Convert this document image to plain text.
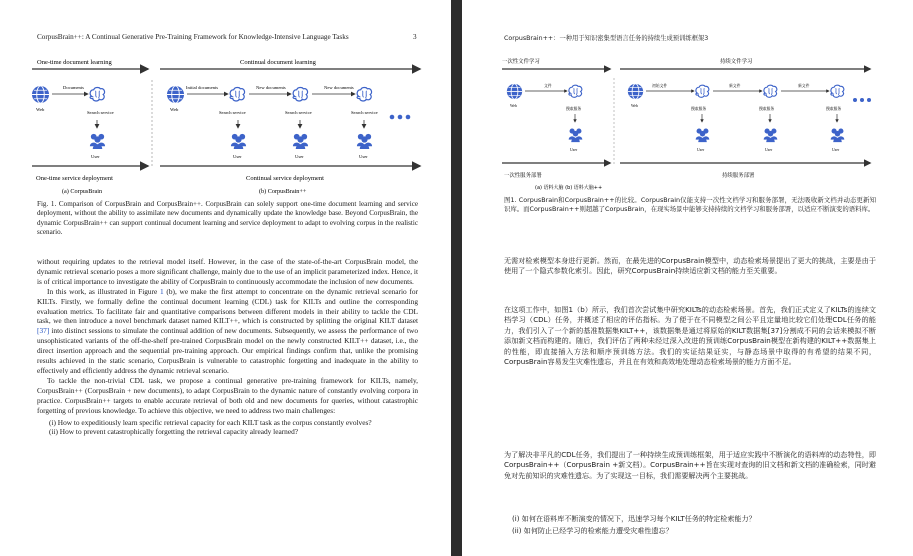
CorpusBrain++: A Continual Generative Pre-Training Framework for Knowledge-Intensive Language Tasks	3
One-time document learning	Continual document learning
Web
Documents
Search service
User
Web
Initial documents
Search service
User
New documents
Search service
User
New documents
Search service
User
One-time service deployment	Continual service deployment
(a) CorpusBrain	(b) CorpusBrain++
Fig. 1. Comparison of CorpusBrain and CorpusBrain++. CorpusBrain can solely support one-time document learning and service deployment, without the ability to assimilate new documents and dynamically update the knowledge base. Beyond CorpusBrain, the dynamic CorpusBrain++ can support continual document learning and service deployment to adapt to evolving corpus in the realistic scenario.

without requiring updates to the retrieval model itself. However, in the case of the state-of-the-art CorpusBrain model, the dynamic retrieval scenario poses a more significant challenge, mainly due to the use of an implicit parameterized index. Hence, it is of critical importance to investigate the ability of CorpusBrain to continuously accommodate the inclusion of new documents.

In this work, as illustrated in Figure 1 (b), we make the first attempt to concentrate on the dynamic retrieval scenario for KILTs. Firstly, we formally define the continual document learning (CDL) task for KILTs and outline the corresponding evaluation metrics. To facilitate fair and quantitative comparisons between different models in their ability to tackle the CDL task, we then introduce a novel benchmark dataset named KILT++, which is constructed by splitting the original KILT dataset [37] into distinct sessions to simulate the continual addition of new documents. Subsequently, we assess the performance of two unsophisticated variants of the off-the-shelf pre-trained CorpusBrain model on the newly constructed KILT++ dataset, i.e., the direct insertion approach and the sequential pre-training approach. Our empirical findings confirm that, unlike the promising results achieved in the static scenario, CorpusBrain is vulnerable to catastrophic forgetting and inadequate in the ability to effectively and efficiently address the dynamic retrieval scenario.

To tackle the non-trivial CDL task, we propose a continual generative pre-training framework for KILTs, namely, CorpusBrain++ (CorpusBrain + new documents), to adapt CorpusBrain to the dynamic nature of constantly evolving corpora in practice. CorpusBrain++ targets to enable accurate retrieval of both old and new documents for queries, without catastrophic forgetting of previous knowledge. To achieve this objective, we need to address two main challenges:

(i) How to expeditiously learn specific retrieval capacity for each KILT task as the corpus constantly evolves?

(ii) How to prevent catastrophically forgetting the retrieval capacity already learned?

CorpusBrain++：一种用于知识密集型语言任务的持续生成预训练框架3
一次性文件学习	持续文件学习
Web
文件
搜索服务
User
Web
初始文件
搜索服务
User
新文件
搜索服务
User
新文件
搜索服务
User
一次性服务部署	持续服务部署
(a) 语料大脑 (b) 语料大脑++
图1. CorpusBrain和CorpusBrain++的比较。CorpusBrain仅能支持一次性文档学习和服务部署，无法吸收新文档并动态更新知识库。而CorpusBrain++则超越了CorpusBrain，在现实场景中能够支持持续的文档学习和服务部署，以适应不断演变的语料库。
无需对检索模型本身进行更新。然而，在最先进的CorpusBrain模型中，动态检索场景提出了更大的挑战，主要是由于使用了一个隐式参数化索引。因此，研究CorpusBrain持续适应新文档的能力至关重要。
在这项工作中，如图1（b）所示，我们首次尝试集中研究KILTs的动态检索场景。首先，我们正式定义了KILTs的连续文档学习（CDL）任务，并概述了相应的评估指标。为了便于在不同模型之间公平且定量地比较它们处理CDL任务的能力，我们引入了一个新的基准数据集KILT++，该数据集是通过将原始的KILT数据集[37]分割成不同的会话来模拟不断添加新文档而构建的。随后，我们评估了两种未经过深入改进的预训练CorpusBrain模型在新构建的KILT++数据集上的性能，即直接插入方法和顺序预训练方法。我们的实证结果证实，与静态场景中取得的有希望的结果不同，CorpusBrain容易发生灾难性遗忘，并且在有效和高效地处理动态检索场景的能力方面不足。
为了解决非平凡的CDL任务，我们提出了一种持续生成预训练框架，用于适应实践中不断演化的语料库的动态特性，即CorpusBrain++（CorpusBrain +新文档）。CorpusBrain++旨在实现对查询的旧文档和新文档的准确检索，同时避免对先前知识的灾难性遗忘。为了实现这一目标，我们需要解决两个主要挑战。
(i) 如何在语料库不断演变的情况下，迅速学习每个KILT任务的特定检索能力？
(ii) 如何防止已经学习的检索能力遭受灾难性遗忘？
